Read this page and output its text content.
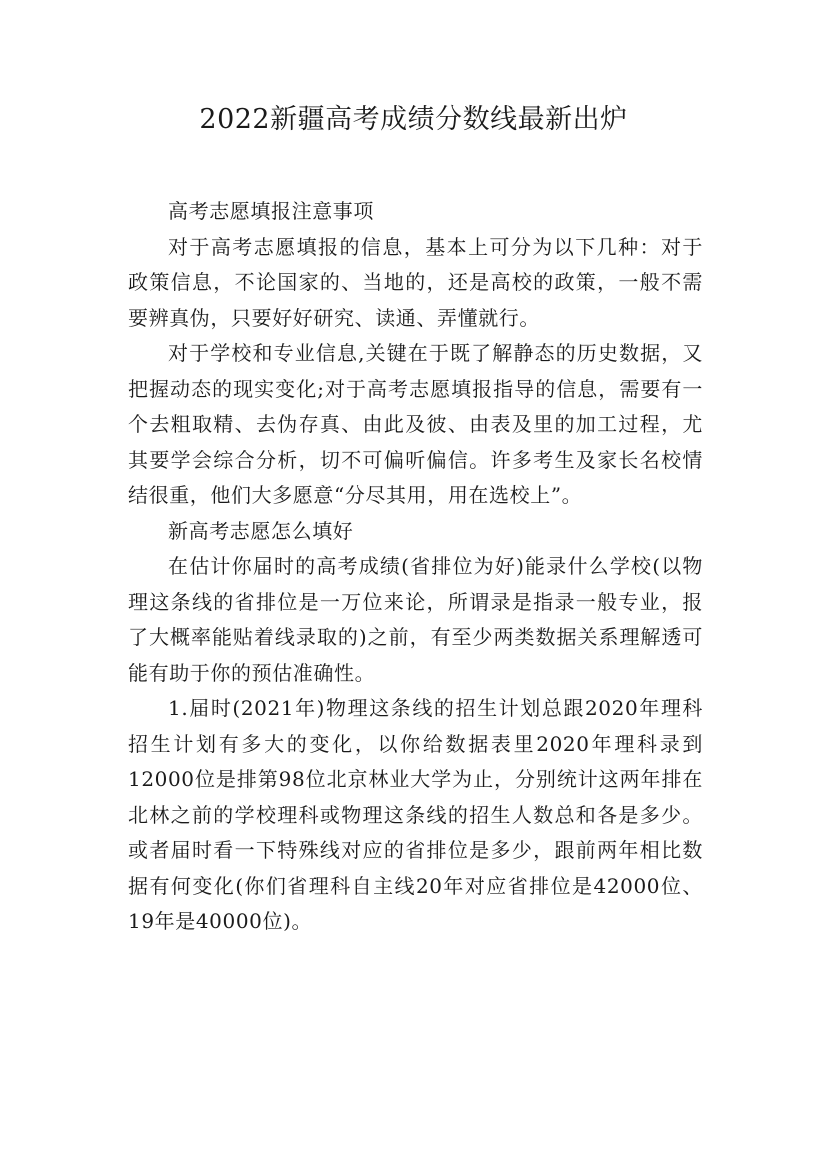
2022新疆高考成绩分数线最新出炉

高考志愿填报注意事项

对于高考志愿填报的信息，基本上可分为以下几种：对于政策信息，不论国家的、当地的，还是高校的政策，一般不需要辨真伪，只要好好研究、读通、弄懂就行。

对于学校和专业信息,关键在于既了解静态的历史数据，又把握动态的现实变化;对于高考志愿填报指导的信息，需要有一个去粗取精、去伪存真、由此及彼、由表及里的加工过程，尤其要学会综合分析，切不可偏听偏信。许多考生及家长名校情结很重，他们大多愿意“分尽其用，用在选校上”。

新高考志愿怎么填好

在估计你届时的高考成绩(省排位为好)能录什么学校(以物理这条线的省排位是一万位来论，所谓录是指录一般专业，报了大概率能贴着线录取的)之前，有至少两类数据关系理解透可能有助于你的预估准确性。

1.届时(2021年)物理这条线的招生计划总跟2020年理科招生计划有多大的变化，以你给数据表里2020年理科录到12000位是排第98位北京林业大学为止，分别统计这两年排在北林之前的学校理科或物理这条线的招生人数总和各是多少。或者届时看一下特殊线对应的省排位是多少，跟前两年相比数据有何变化(你们省理科自主线20年对应省排位是42000位、19年是40000位)。
